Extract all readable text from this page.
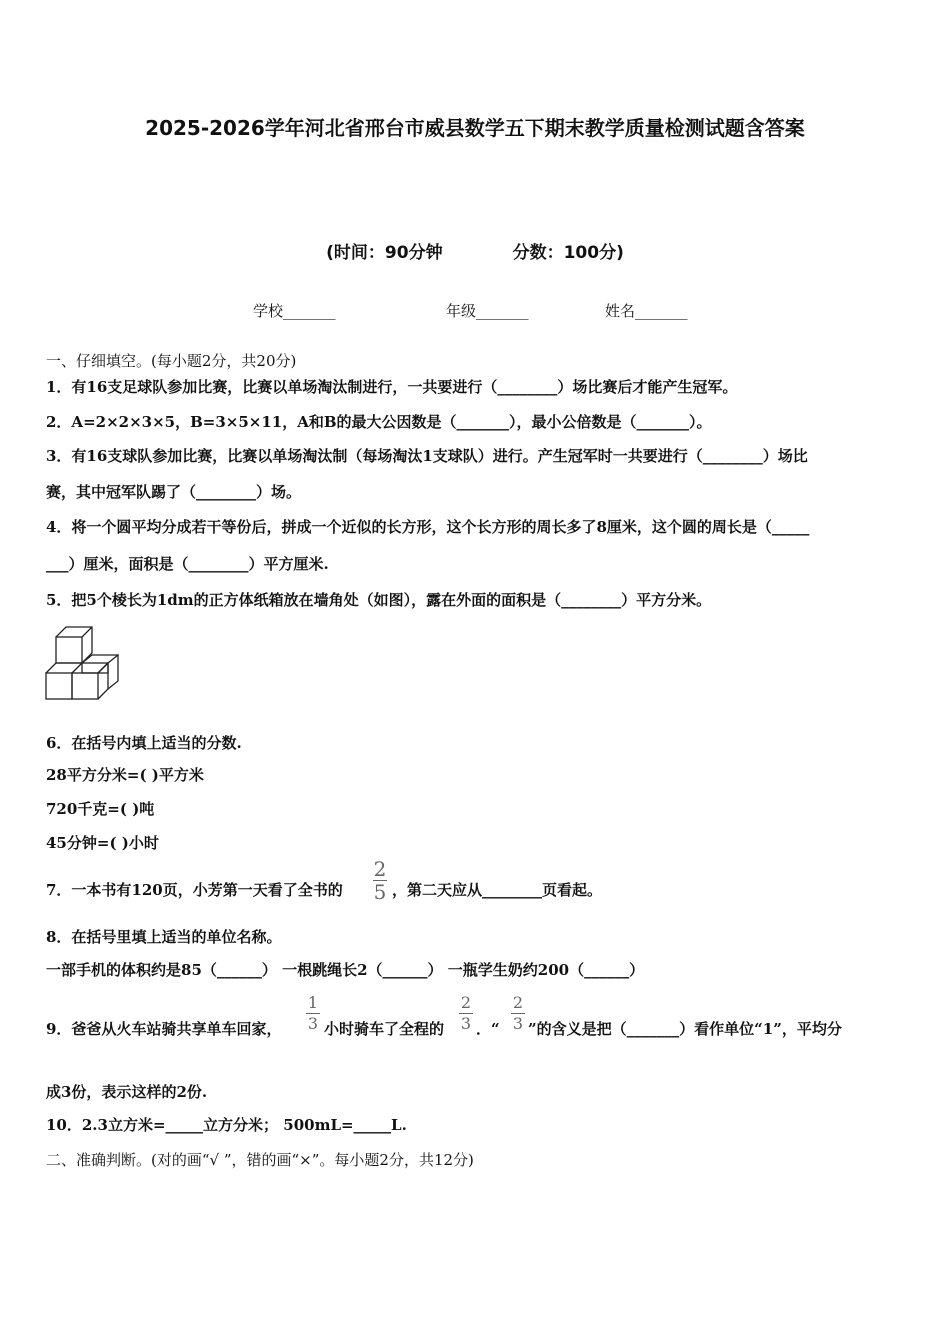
2025-2026学年河北省邢台市威县数学五下期末教学质量检测试题含答案
(时间：90分钟	分数：100分)
学校_______	年级_______	姓名_______
一、仔细填空。(每小题2分，共20分)
1．有16支足球队参加比赛，比赛以单场淘汰制进行，一共要进行（________）场比赛后才能产生冠军。
2．A=2×2×3×5，B=3×5×11，A和B的最大公因数是（_______），最小公倍数是（_______）。
3．有16支球队参加比赛，比赛以单场淘汰制（每场淘汰1支球队）进行。产生冠军时一共要进行（________）场比
赛，其中冠军队踢了（________）场。
4．将一个圆平均分成若干等份后，拼成一个近似的长方形，这个长方形的周长多了8厘米，这个圆的周长是（_____
___）厘米，面积是（________）平方厘米.
5．把5个棱长为1dm的正方体纸箱放在墙角处（如图），露在外面的面积是（________）平方分米。
6．在括号内填上适当的分数.
28平方分米=( )平方米
720千克=( )吨
45分钟=( )小时
7．一本书有120页，小芳第一天看了全书的
2
5 ，第二天应从________页看起。
8．在括号里填上适当的单位名称。
一部手机的体积约是85（______） 一根跳绳长2（______） 一瓶学生奶约200（______）
9．爸爸从火车站骑共享单车回家，
1
3 小时骑车了全程的
2
3 ．“
2
3 ”的含义是把（_______）看作单位“1”，平均分
成3份，表示这样的2份.
10．2.3立方米=_____立方分米； 500mL=_____L.
二、准确判断。(对的画“√ ”，错的画“×”。每小题2分，共12分)
